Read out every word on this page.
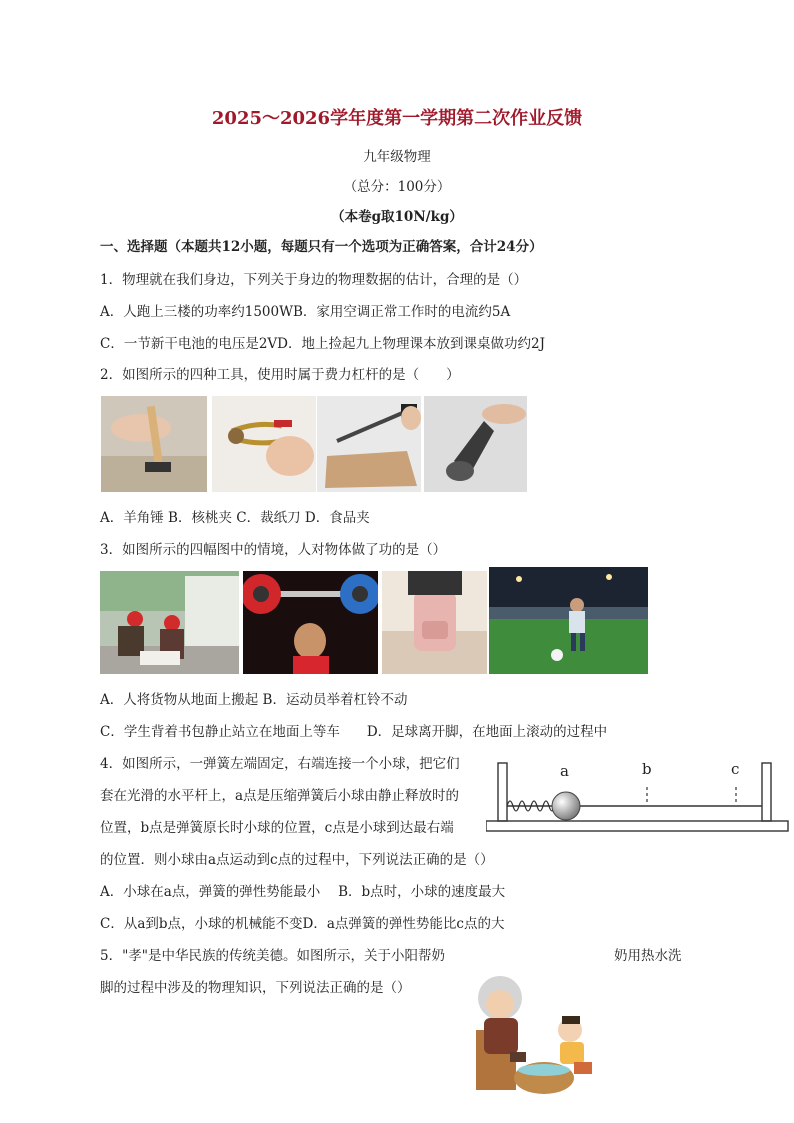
2025～2026学年度第一学期第二次作业反馈
九年级物理
（总分：100分）
（本卷g取10N/kg）
一、选择题（本题共12小题，每题只有一个选项为正确答案，合计24分）
1．物理就在我们身边，下列关于身边的物理数据的估计，合理的是（）
A．人跑上三楼的功率约1500WB．家用空调正常工作时的电流约5A
C．一节新干电池的电压是2VD．地上捡起九上物理课本放到课桌做功约2J
2．如图所示的四种工具，使用时属于费力杠杆的是（　　）
A．羊角锤 B．核桃夹 C．裁纸刀 D．食品夹
3．如图所示的四幅图中的情境，人对物体做了功的是（）
A．人将货物从地面上搬起 B．运动员举着杠铃不动
C．学生背着书包静止站立在地面上等车　　D．足球离开脚，在地面上滚动的过程中
4．如图所示，一弹簧左端固定，右端连接一个小球，把它们
套在光滑的水平杆上，a点是压缩弹簧后小球由静止释放时的
位置，b点是弹簧原长时小球的位置，c点是小球到达最右端
的位置．则小球由a点运动到c点的过程中，下列说法正确的是（）
a	b	c
A．小球在a点，弹簧的弹性势能最小　 B．b点时，小球的速度最大
C．从a到b点，小球的机械能不变D．a点弹簧的弹性势能比c点的大
5．"孝"是中华民族的传统美德。如图所示，关于小阳帮奶	奶用热水洗
脚的过程中涉及的物理知识，下列说法正确的是（）
